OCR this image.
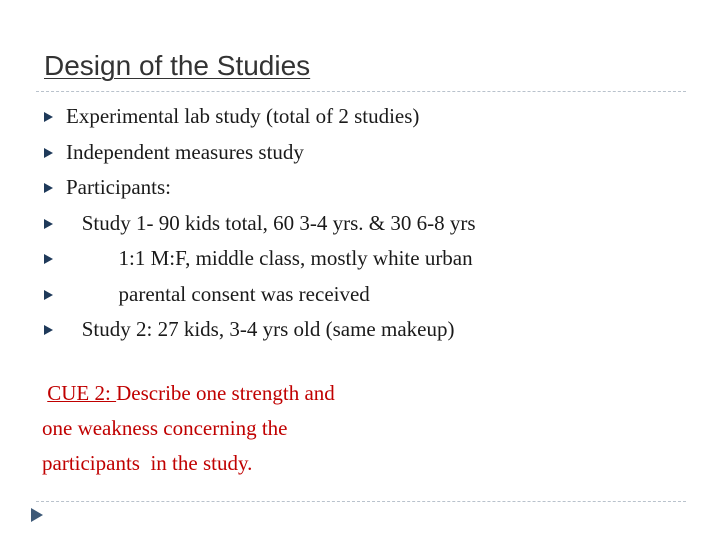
Design of the Studies

Experimental lab study (total of 2 studies)

Independent measures study

Participants:

Study 1- 90 kids total, 60 3-4 yrs. & 30 6-8 yrs

1:1 M:F, middle class, mostly white urban

parental consent was received

Study 2: 27 kids, 3-4 yrs old (same makeup)

CUE 2: Describe one strength and
one weakness concerning the
participants  in the study.
